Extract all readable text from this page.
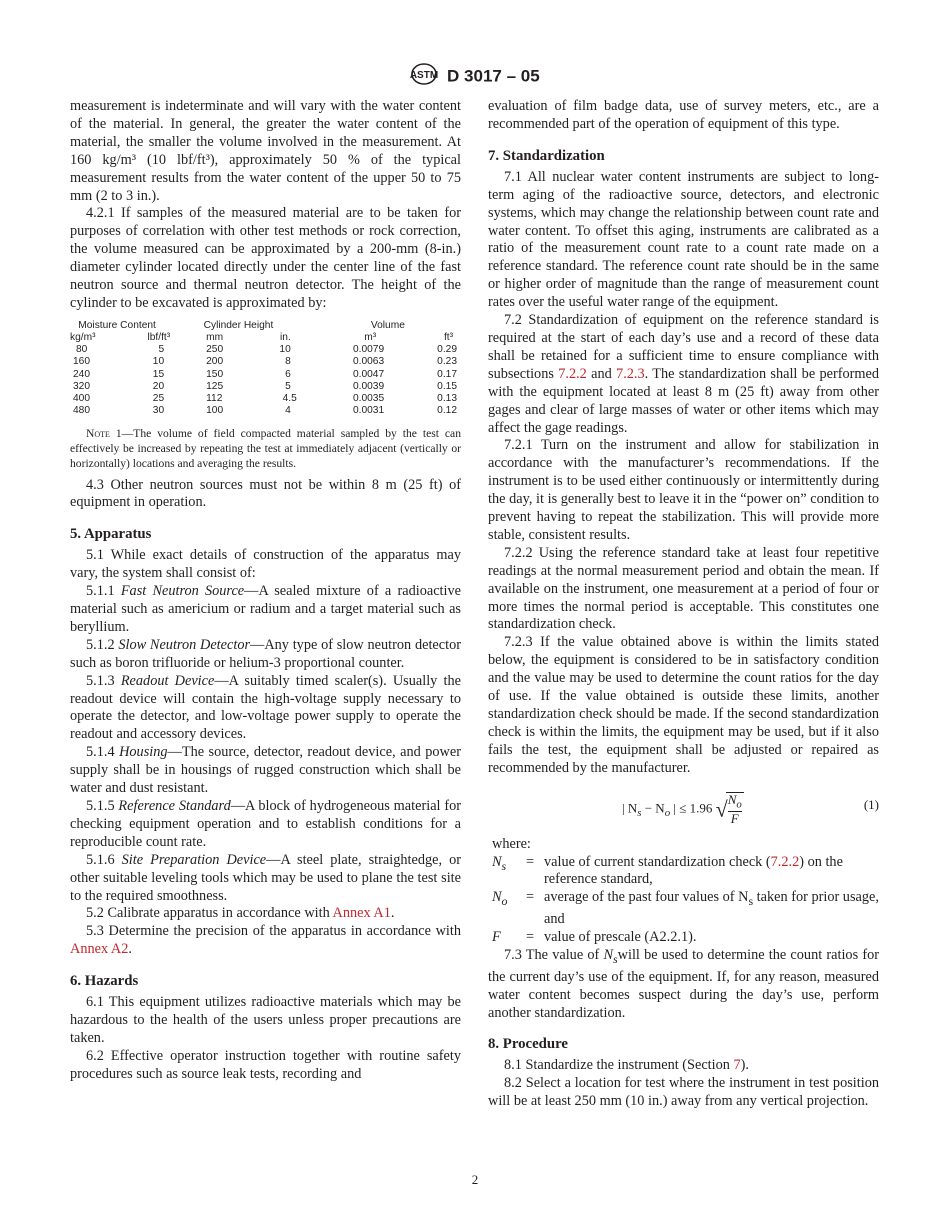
ASTM D 3017 – 05

measurement is indeterminate and will vary with the water content of the material. In general, the greater the water content of the material, the smaller the volume involved in the measurement. At 160 kg/m³ (10 lbf/ft³), approximately 50 % of the typical measurement results from the water content of the upper 50 to 75 mm (2 to 3 in.).

4.2.1 If samples of the measured material are to be taken for purposes of correlation with other test methods or rock correction, the volume measured can be approximated by a 200-mm (8-in.) diameter cylinder located directly under the center line of the fast neutron source and thermal neutron detector. The height of the cylinder to be excavated is approximated by:

Moisture Content		Cylinder Height		Volume	
kg/m³	lbf/ft³	mm	in.	m³	ft³
80	5	250	10	0.0079	0.29
160	10	200	8	0.0063	0.23
240	15	150	6	0.0047	0.17
320	20	125	5	0.0039	0.15
400	25	112	4.5	0.0035	0.13
480	30	100	4	0.0031	0.12

Note 1—The volume of field compacted material sampled by the test can effectively be increased by repeating the test at immediately adjacent (vertically or horizontally) locations and averaging the results.

4.3 Other neutron sources must not be within 8 m (25 ft) of equipment in operation.

5. Apparatus

5.1 While exact details of construction of the apparatus may vary, the system shall consist of:

5.1.1 Fast Neutron Source—A sealed mixture of a radioactive material such as americium or radium and a target material such as beryllium.

5.1.2 Slow Neutron Detector—Any type of slow neutron detector such as boron trifluoride or helium-3 proportional counter.

5.1.3 Readout Device—A suitably timed scaler(s). Usually the readout device will contain the high-voltage supply necessary to operate the detector, and low-voltage power supply to operate the readout and accessory devices.

5.1.4 Housing—The source, detector, readout device, and power supply shall be in housings of rugged construction which shall be water and dust resistant.

5.1.5 Reference Standard—A block of hydrogeneous material for checking equipment operation and to establish conditions for a reproducible count rate.

5.1.6 Site Preparation Device—A steel plate, straightedge, or other suitable leveling tools which may be used to plane the test site to the required smoothness.

5.2 Calibrate apparatus in accordance with Annex A1.

5.3 Determine the precision of the apparatus in accordance with Annex A2.

6. Hazards

6.1 This equipment utilizes radioactive materials which may be hazardous to the health of the users unless proper precautions are taken.

6.2 Effective operator instruction together with routine safety procedures such as source leak tests, recording and

evaluation of film badge data, use of survey meters, etc., are a recommended part of the operation of equipment of this type.

7. Standardization

7.1 All nuclear water content instruments are subject to long-term aging of the radioactive source, detectors, and electronic systems, which may change the relationship between count rate and water content. To offset this aging, instruments are calibrated as a ratio of the measurement count rate to a count rate made on a reference standard. The reference count rate should be in the same or higher order of magnitude than the range of measurement count rates over the useful water range of the equipment.

7.2 Standardization of equipment on the reference standard is required at the start of each day’s use and a record of these data shall be retained for a sufficient time to ensure compliance with subsections 7.2.2 and 7.2.3. The standardization shall be performed with the equipment located at least 8 m (25 ft) away from other gages and clear of large masses of water or other items which may affect the gage readings.

7.2.1 Turn on the instrument and allow for stabilization in accordance with the manufacturer’s recommendations. If the instrument is to be used either continuously or intermittently during the day, it is generally best to leave it in the “power on” condition to prevent having to repeat the stabilization. This will provide more stable, consistent results.

7.2.2 Using the reference standard take at least four repetitive readings at the normal measurement period and obtain the mean. If available on the instrument, one measurement at a period of four or more times the normal period is acceptable. This constitutes one standardization check.

7.2.3 If the value obtained above is within the limits stated below, the equipment is considered to be in satisfactory condition and the value may be used to determine the count ratios for the day of use. If the value obtained is outside these limits, another standardization check should be made. If the second standardization check is within the limits, the equipment may be used, but if it also fails the test, the equipment shall be adjusted or repaired as recommended by the manufacturer.

| $N_s - N_o$ | ≤ 1.96 √
$\frac{N_o}{F}$	(1)

where:

$N_s$	= value of current standardization check (7.2.2) on the reference standard,
$N_o$	= average of the past four values of $N_s$ taken for prior usage, and
F	= value of prescale (A2.2.1).

7.3 The value of $N_swill$ be used to determine the count ratios for the current day’s use of the equipment. If, for any reason, measured water content becomes suspect during the day’s use, perform another standardization.

8. Procedure

8.1 Standardize the instrument (Section 7).

8.2 Select a location for test where the instrument in test position will be at least 250 mm (10 in.) away from any vertical projection.

2
